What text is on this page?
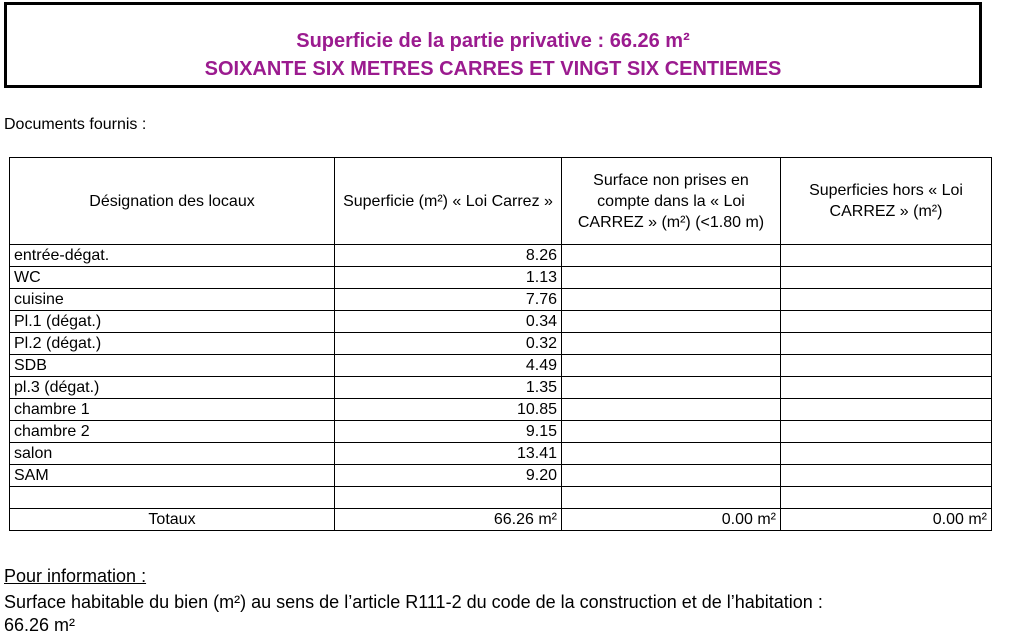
Superficie de la partie privative : 66.26 m²
SOIXANTE SIX METRES CARRES ET VINGT SIX CENTIEMES
Documents fournis :
Désignation des locaux	Superficie (m²) « Loi Carrez »	Surface non prises en compte dans la « Loi CARREZ » (m²) (<1.80 m)	Superficies hors « Loi CARREZ » (m²)
entrée-dégat.	8.26		
WC	1.13		
cuisine	7.76		
Pl.1 (dégat.)	0.34		
Pl.2 (dégat.)	0.32		
SDB	4.49		
pl.3 (dégat.)	1.35		
chambre 1	10.85		
chambre 2	9.15		
salon	13.41		
SAM	9.20		

Totaux	66.26 m²	0.00 m²	0.00 m²
Pour information :
Surface habitable du bien (m²) au sens de l’article R111-2 du code de la construction et de l’habitation :
66.26 m²
